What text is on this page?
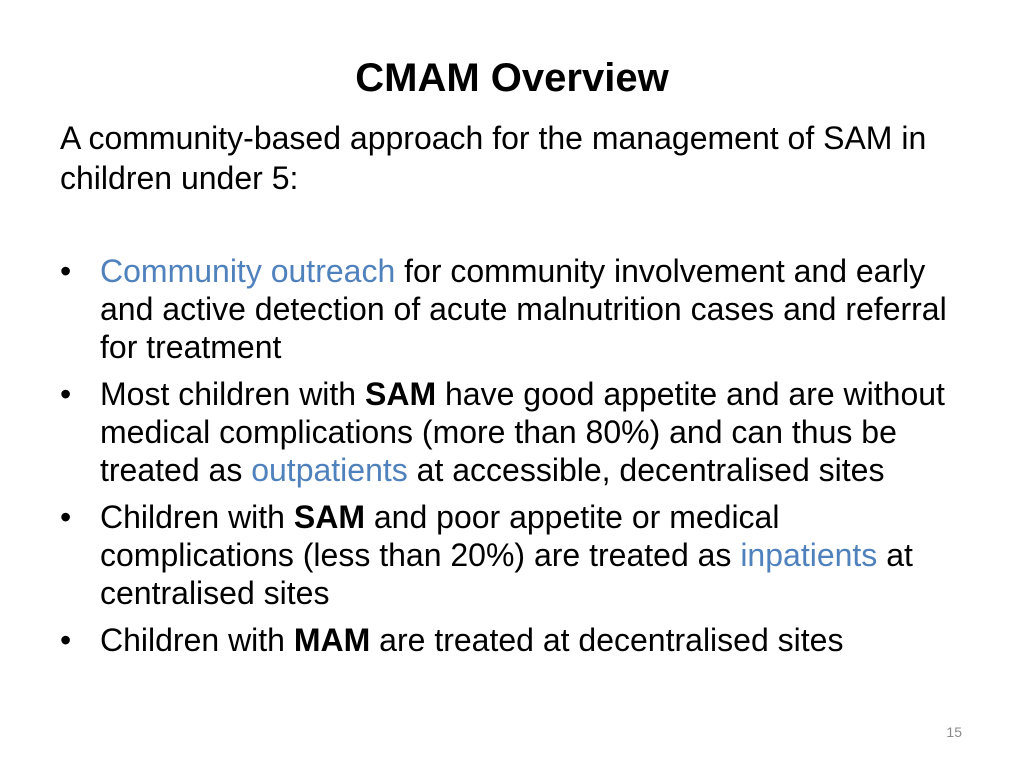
CMAM Overview

A community-based approach for the management of SAM in children under 5:

• Community outreach for community involvement and early and active detection of acute malnutrition cases and referral for treatment
• Most children with SAM have good appetite and are without medical complications (more than 80%) and can thus be treated as outpatients at accessible, decentralised sites
• Children with SAM and poor appetite or medical complications (less than 20%) are treated as inpatients at centralised sites
• Children with MAM are treated at decentralised sites
15
